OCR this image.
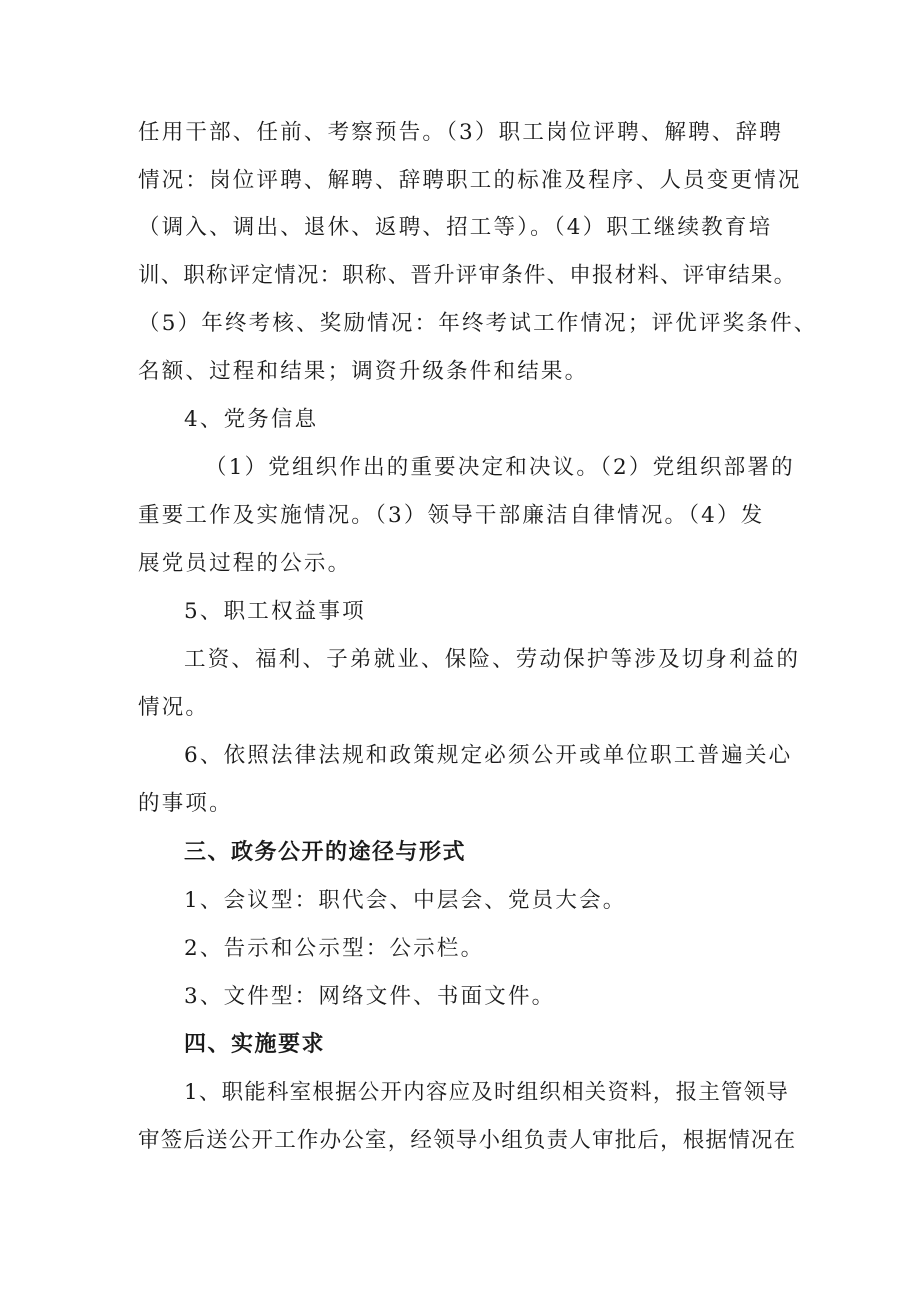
任用干部、任前、考察预告。（3）职工岗位评聘、解聘、辞聘
情况：岗位评聘、解聘、辞聘职工的标准及程序、人员变更情况
（调入、调出、退休、返聘、招工等）。（4）职工继续教育培
训、职称评定情况：职称、晋升评审条件、申报材料、评审结果。
（5）年终考核、奖励情况：年终考试工作情况；评优评奖条件、
名额、过程和结果；调资升级条件和结果。
4、党务信息
（1）党组织作出的重要决定和决议。（2）党组织部署的
重要工作及实施情况。（3）领导干部廉洁自律情况。（4）发
展党员过程的公示。
5、职工权益事项
工资、福利、子弟就业、保险、劳动保护等涉及切身利益的
情况。
6、依照法律法规和政策规定必须公开或单位职工普遍关心
的事项。
三、政务公开的途径与形式
1、会议型：职代会、中层会、党员大会。
2、告示和公示型：公示栏。
3、文件型：网络文件、书面文件。
四、实施要求
1、职能科室根据公开内容应及时组织相关资料，报主管领导
审签后送公开工作办公室，经领导小组负责人审批后，根据情况在
